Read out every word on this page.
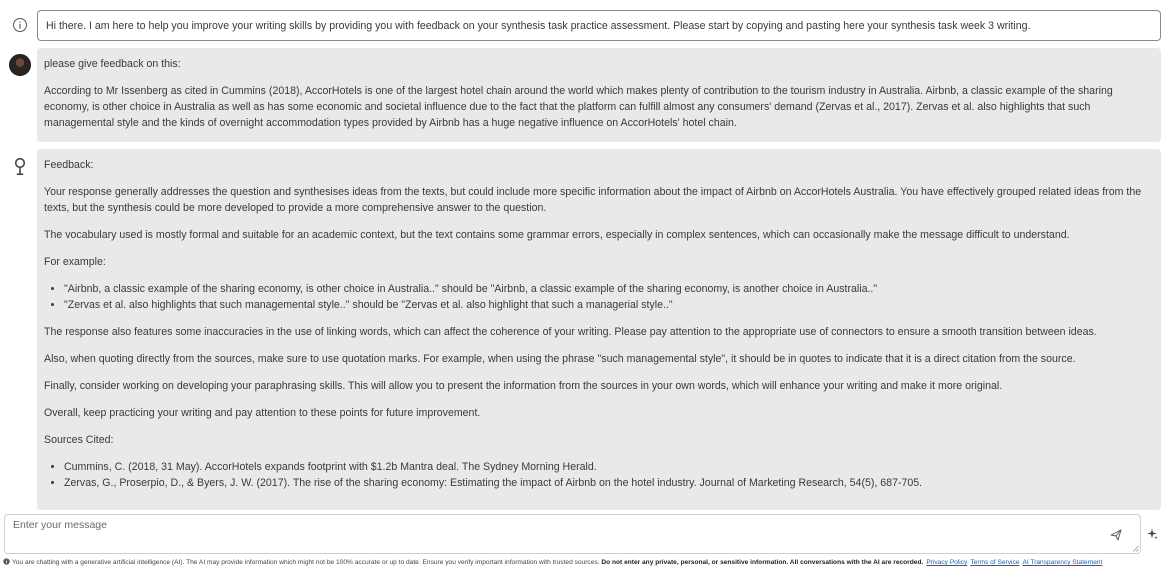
Hi there. I am here to help you improve your writing skills by providing you with feedback on your synthesis task practice assessment. Please start by copying and pasting here your synthesis task week 3 writing.
please give feedback on this:
According to Mr Issenberg as cited in Cummins (2018), AccorHotels is one of the largest hotel chain around the world which makes plenty of contribution to the tourism industry in Australia. Airbnb, a classic example of the sharing economy, is other choice in Australia as well as has some economic and societal influence due to the fact that the platform can fulfill almost any consumers' demand (Zervas et al., 2017). Zervas et al. also highlights that such managemental style and the kinds of overnight accommodation types provided by Airbnb has a huge negative influence on AccorHotels' hotel chain.
Feedback:
Your response generally addresses the question and synthesises ideas from the texts, but could include more specific information about the impact of Airbnb on AccorHotels Australia. You have effectively grouped related ideas from the texts, but the synthesis could be more developed to provide a more comprehensive answer to the question.
The vocabulary used is mostly formal and suitable for an academic context, but the text contains some grammar errors, especially in complex sentences, which can occasionally make the message difficult to understand.
For example:
• "Airbnb, a classic example of the sharing economy, is other choice in Australia.." should be "Airbnb, a classic example of the sharing economy, is another choice in Australia.."
• "Zervas et al. also highlights that such managemental style.." should be "Zervas et al. also highlight that such a managerial style.."
The response also features some inaccuracies in the use of linking words, which can affect the coherence of your writing. Please pay attention to the appropriate use of connectors to ensure a smooth transition between ideas.
Also, when quoting directly from the sources, make sure to use quotation marks. For example, when using the phrase "such managemental style", it should be in quotes to indicate that it is a direct citation from the source.
Finally, consider working on developing your paraphrasing skills. This will allow you to present the information from the sources in your own words, which will enhance your writing and make it more original.
Overall, keep practicing your writing and pay attention to these points for future improvement.
Sources Cited:
• Cummins, C. (2018, 31 May). AccorHotels expands footprint with $1.2b Mantra deal. The Sydney Morning Herald.
• Zervas, G., Proserpio, D., & Byers, J. W. (2017). The rise of the sharing economy: Estimating the impact of Airbnb on the hotel industry. Journal of Marketing Research, 54(5), 687-705.
Enter your message
You are chatting with a generative artificial intelligence (AI). The AI may provide information which might not be 100% accurate or up to date. Ensure you verify important information with trusted sources. Do not enter any private, personal, or sensitive information. All conversations with the AI are recorded. Privacy Policy Terms of Service AI Transparency Statement
